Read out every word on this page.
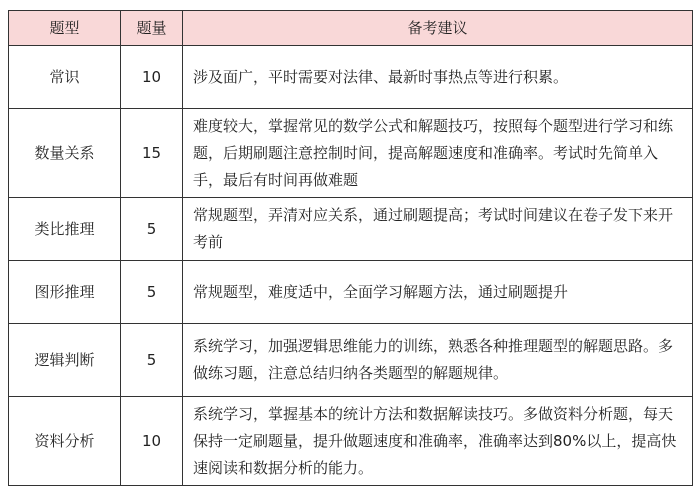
题型	题量	备考建议
常识	10	涉及面广，平时需要对法律、最新时事热点等进行积累。
数量关系	15	难度较大，掌握常见的数学公式和解题技巧，按照每个题型进行学习和练题，后期刷题注意控制时间，提高解题速度和准确率。考试时先简单入手，最后有时间再做难题
类比推理	5	常规题型，弄清对应关系，通过刷题提高；考试时间建议在卷子发下来开考前
图形推理	5	常规题型，难度适中，全面学习解题方法，通过刷题提升
逻辑判断	5	系统学习，加强逻辑思维能力的训练，熟悉各种推理题型的解题思路。多做练习题，注意总结归纳各类题型的解题规律。
资料分析	10	系统学习，掌握基本的统计方法和数据解读技巧。多做资料分析题，每天保持一定刷题量，提升做题速度和准确率，准确率达到80%以上，提高快速阅读和数据分析的能力。
